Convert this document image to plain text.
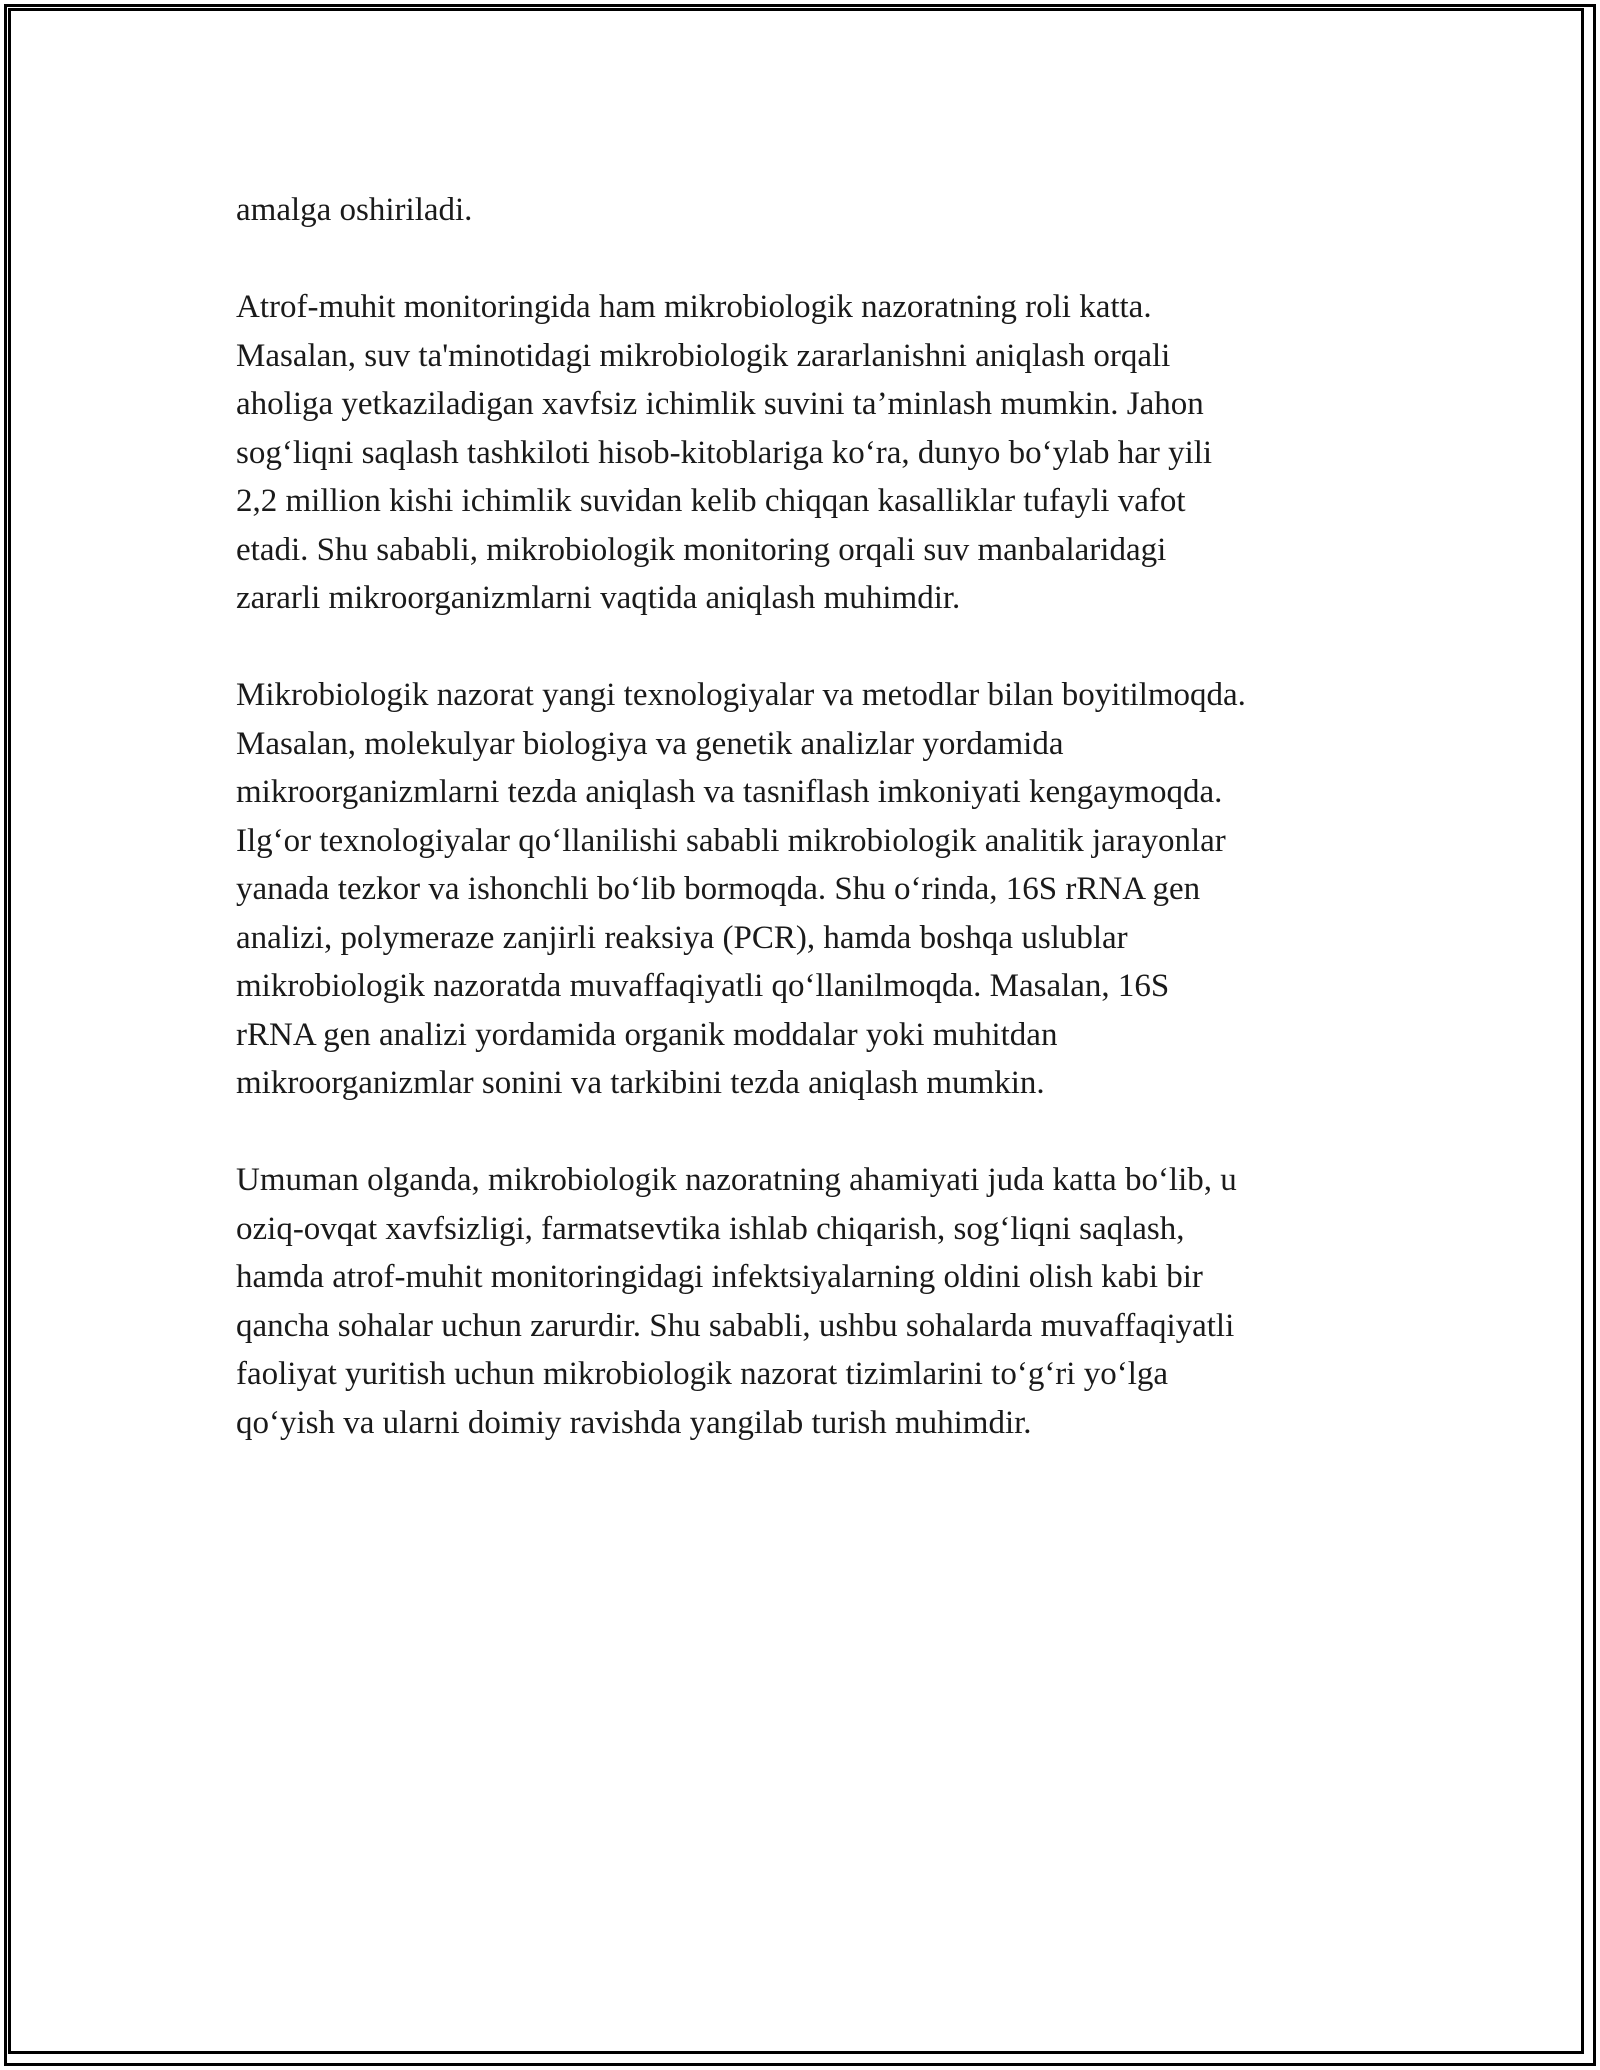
amalga oshiriladi.
Atrof-muhit monitoringida ham mikrobiologik nazoratning roli katta.
Masalan, suv ta'minotidagi mikrobiologik zararlanishni aniqlash orqali
aholiga yetkaziladigan xavfsiz ichimlik suvini ta’minlash mumkin. Jahon
sog‘liqni saqlash tashkiloti hisob-kitoblariga ko‘ra, dunyo bo‘ylab har yili
2,2 million kishi ichimlik suvidan kelib chiqqan kasalliklar tufayli vafot
etadi. Shu sababli, mikrobiologik monitoring orqali suv manbalaridagi
zararli mikroorganizmlarni vaqtida aniqlash muhimdir.
Mikrobiologik nazorat yangi texnologiyalar va metodlar bilan boyitilmoqda.
Masalan, molekulyar biologiya va genetik analizlar yordamida
mikroorganizmlarni tezda aniqlash va tasniflash imkoniyati kengaymoqda.
Ilg‘or texnologiyalar qo‘llanilishi sababli mikrobiologik analitik jarayonlar
yanada tezkor va ishonchli bo‘lib bormoqda. Shu o‘rinda, 16S rRNA gen
analizi, polymeraze zanjirli reaksiya (PCR), hamda boshqa uslublar
mikrobiologik nazoratda muvaffaqiyatli qo‘llanilmoqda. Masalan, 16S
rRNA gen analizi yordamida organik moddalar yoki muhitdan
mikroorganizmlar sonini va tarkibini tezda aniqlash mumkin.
Umuman olganda, mikrobiologik nazoratning ahamiyati juda katta bo‘lib, u
oziq-ovqat xavfsizligi, farmatsevtika ishlab chiqarish, sog‘liqni saqlash,
hamda atrof-muhit monitoringidagi infektsiyalarning oldini olish kabi bir
qancha sohalar uchun zarurdir. Shu sababli, ushbu sohalarda muvaffaqiyatli
faoliyat yuritish uchun mikrobiologik nazorat tizimlarini to‘g‘ri yo‘lga
qo‘yish va ularni doimiy ravishda yangilab turish muhimdir.
